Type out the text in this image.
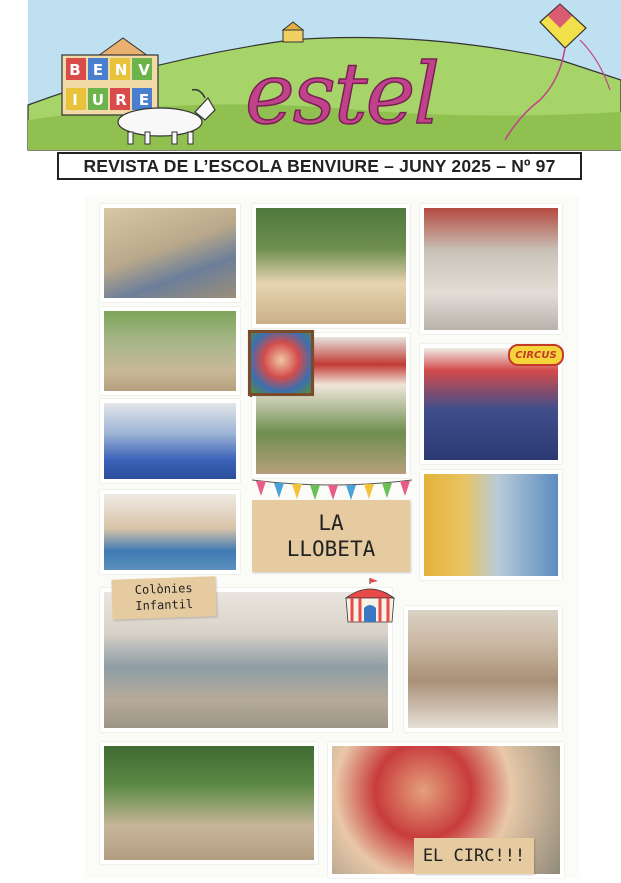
B E N V
I U R E estel
REVISTA DE L’ESCOLA BENVIURE – JUNY 2025 – Nº 97
LA
LLOBETA
CIRCUS
Colònies
Infantil
EL CIRC!!!
